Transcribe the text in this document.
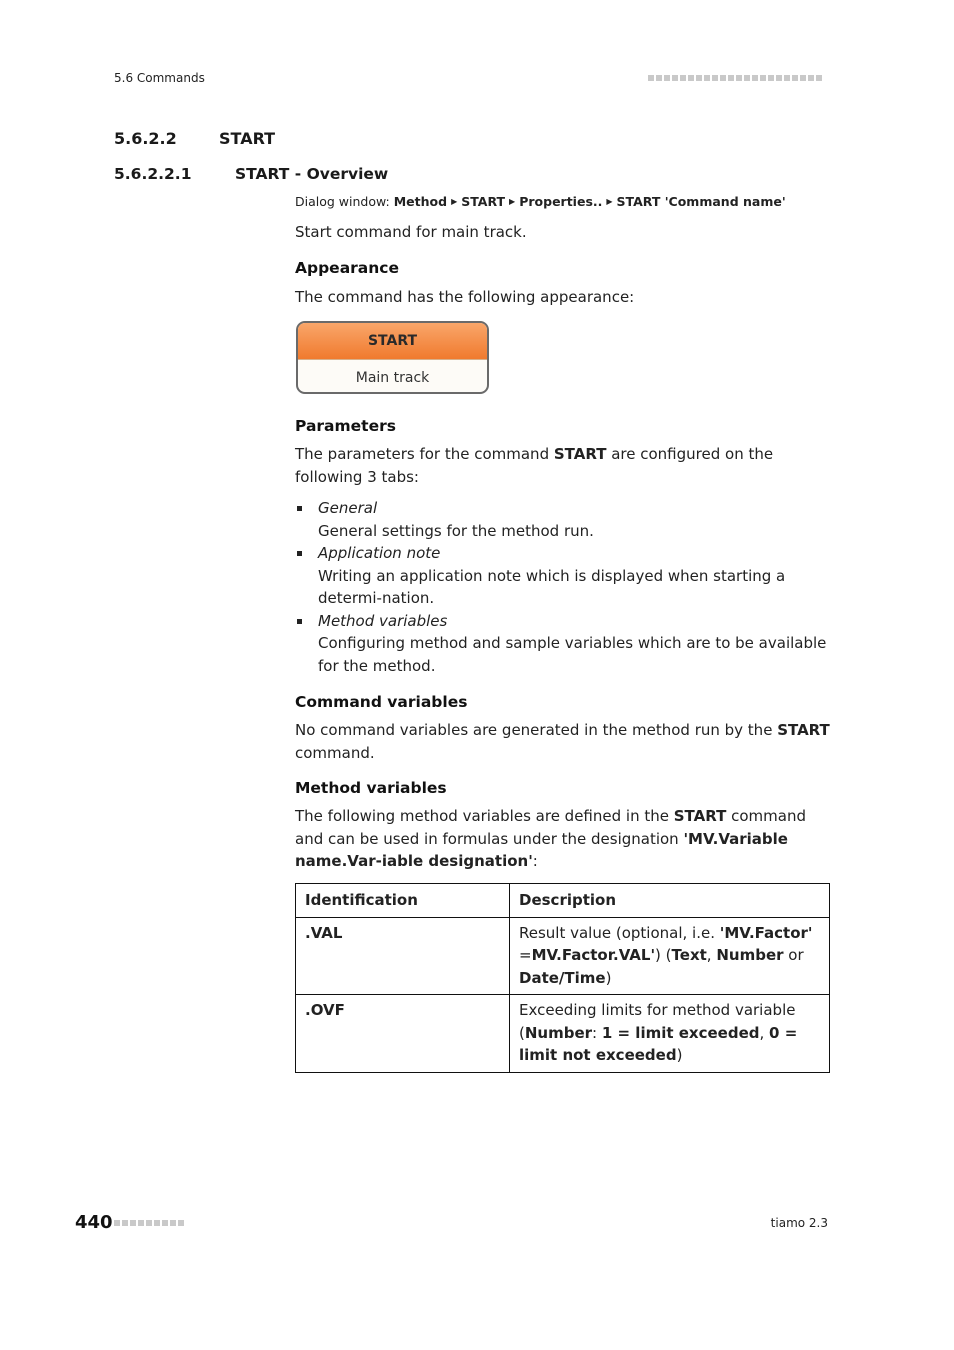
5.6 Commands
5.6.2.2	START
5.6.2.2.1	START - Overview
Dialog window: Method ▶ START ▶ Properties.. ▶ START 'Command name'
Start command for main track.
Appearance
The command has the following appearance:
START
Main track
Parameters
The parameters for the command START are configured on the following 3 tabs:
General
General settings for the method run.
Application note
Writing an application note which is displayed when starting a determi-nation.
Method variables
Configuring method and sample variables which are to be available for the method.
Command variables
No command variables are generated in the method run by the START command.
Method variables
The following method variables are defined in the START command and can be used in formulas under the designation 'MV.Variable name.Var-iable designation':
Identification	Description
.VAL	Result value (optional, i.e. 'MV.Factor' =MV.Factor.VAL') (Text, Number or Date/Time)
.OVF	Exceeding limits for method variable (Number: 1 = limit exceeded, 0 = limit not exceeded)
440	tiamo 2.3
